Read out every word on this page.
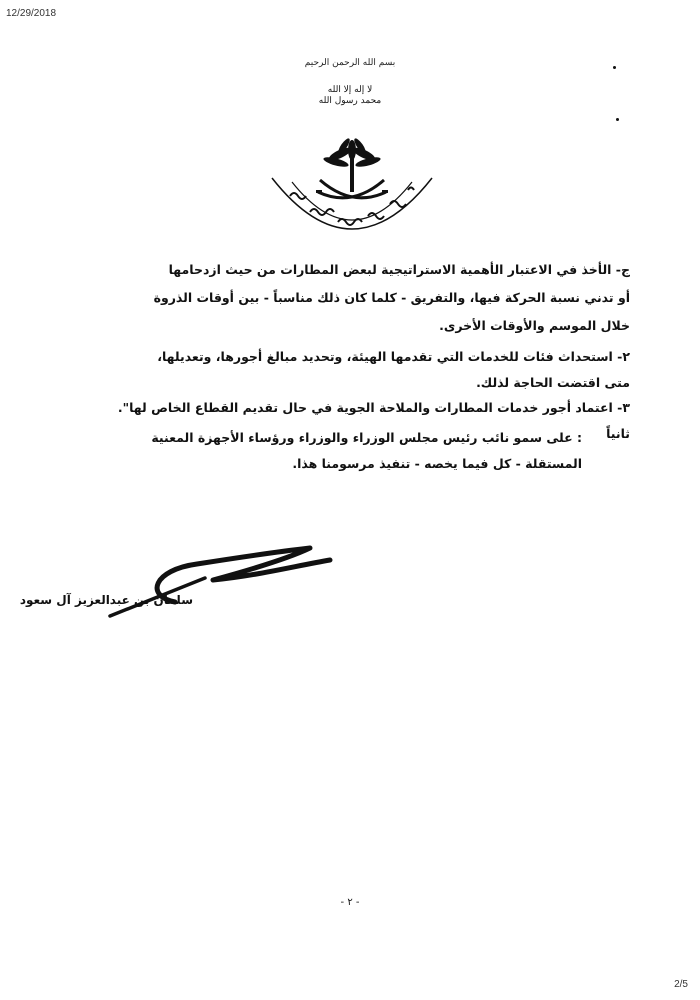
12/29/2018
بسم الله الرحمن الرحيم
لا إله إلا الله
محمد رسول الله
ج- الأخذ في الاعتبار الأهمية الاستراتيجية لبعض المطارات من حيث ازدحامها
أو تدني نسبة الحركة فيها، والتفريق - كلما كان ذلك مناسباً - بين أوقات الذروة
خلال الموسم والأوقات الأخرى.
٢- استحداث فئات للخدمات التي تقدمها الهيئة، وتحديد مبالغ أجورها، وتعديلها،
متى اقتضت الحاجة لذلك.
٣- اعتماد أجور خدمات المطارات والملاحة الجوية في حال تقديم القطاع الخاص لها".
ثانياً
: على سمو نائب رئيس مجلس الوزراء والوزراء ورؤساء الأجهزة المعنية
المستقلة - كل فيما يخصه - تنفيذ مرسومنا هذا.
سلمان بن عبدالعزيز آل سعود
- ٢ -
2/5
